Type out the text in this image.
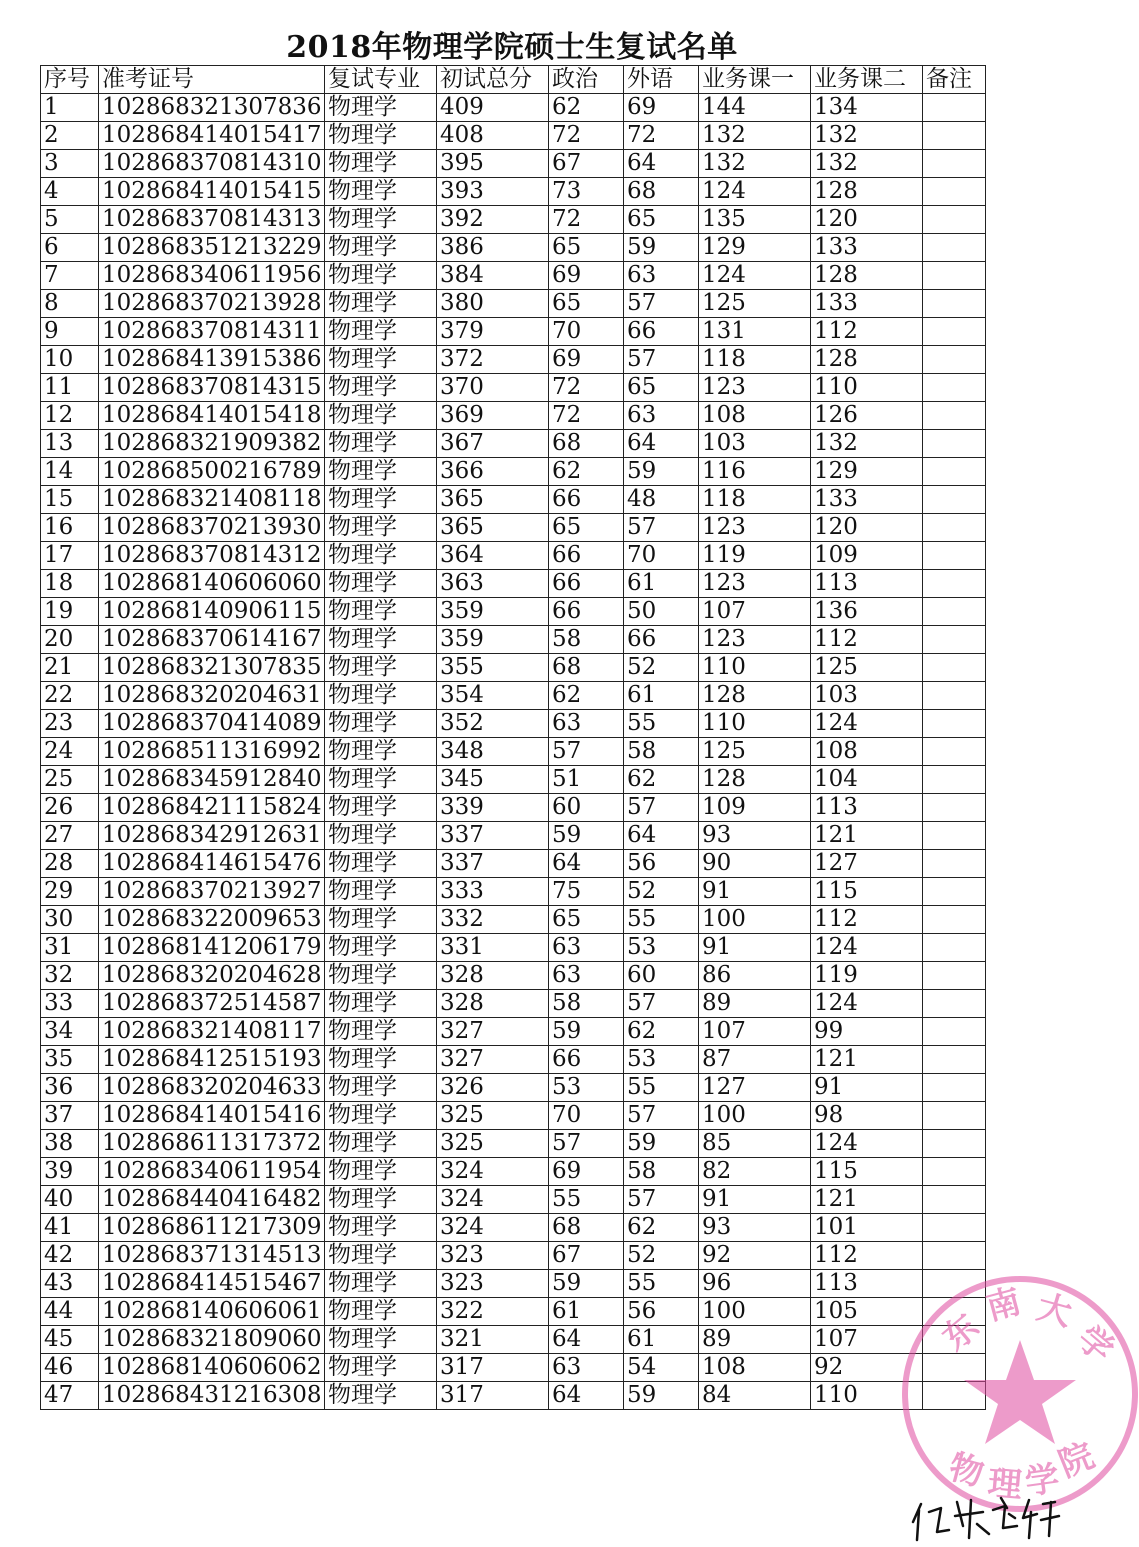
2018年物理学院硕士生复试名单
序号	准考证号	复试专业	初试总分	政治	外语	业务课一	业务课二	备注
1	102868321307836	物理学	409	62	69	144	134	
2	102868414015417	物理学	408	72	72	132	132	
3	102868370814310	物理学	395	67	64	132	132	
4	102868414015415	物理学	393	73	68	124	128	
5	102868370814313	物理学	392	72	65	135	120	
6	102868351213229	物理学	386	65	59	129	133	
7	102868340611956	物理学	384	69	63	124	128	
8	102868370213928	物理学	380	65	57	125	133	
9	102868370814311	物理学	379	70	66	131	112	
10	102868413915386	物理学	372	69	57	118	128	
11	102868370814315	物理学	370	72	65	123	110	
12	102868414015418	物理学	369	72	63	108	126	
13	102868321909382	物理学	367	68	64	103	132	
14	102868500216789	物理学	366	62	59	116	129	
15	102868321408118	物理学	365	66	48	118	133	
16	102868370213930	物理学	365	65	57	123	120	
17	102868370814312	物理学	364	66	70	119	109	
18	102868140606060	物理学	363	66	61	123	113	
19	102868140906115	物理学	359	66	50	107	136	
20	102868370614167	物理学	359	58	66	123	112	
21	102868321307835	物理学	355	68	52	110	125	
22	102868320204631	物理学	354	62	61	128	103	
23	102868370414089	物理学	352	63	55	110	124	
24	102868511316992	物理学	348	57	58	125	108	
25	102868345912840	物理学	345	51	62	128	104	
26	102868421115824	物理学	339	60	57	109	113	
27	102868342912631	物理学	337	59	64	93	121	
28	102868414615476	物理学	337	64	56	90	127	
29	102868370213927	物理学	333	75	52	91	115	
30	102868322009653	物理学	332	65	55	100	112	
31	102868141206179	物理学	331	63	53	91	124	
32	102868320204628	物理学	328	63	60	86	119	
33	102868372514587	物理学	328	58	57	89	124	
34	102868321408117	物理学	327	59	62	107	99	
35	102868412515193	物理学	327	66	53	87	121	
36	102868320204633	物理学	326	53	55	127	91	
37	102868414015416	物理学	325	70	57	100	98	
38	102868611317372	物理学	325	57	59	85	124	
39	102868340611954	物理学	324	69	58	82	115	
40	102868440416482	物理学	324	55	57	91	121	
41	102868611217309	物理学	324	68	62	93	101	
42	102868371314513	物理学	323	67	52	92	112	
43	102868414515467	物理学	323	59	55	96	113	
44	102868140606061	物理学	322	61	56	100	105	
45	102868321809060	物理学	321	64	61	89	107	
46	102868140606062	物理学	317	63	54	108	92	
47	102868431216308	物理学	317	64	59	84	110	
东
南 大
学
物
理 学
院
